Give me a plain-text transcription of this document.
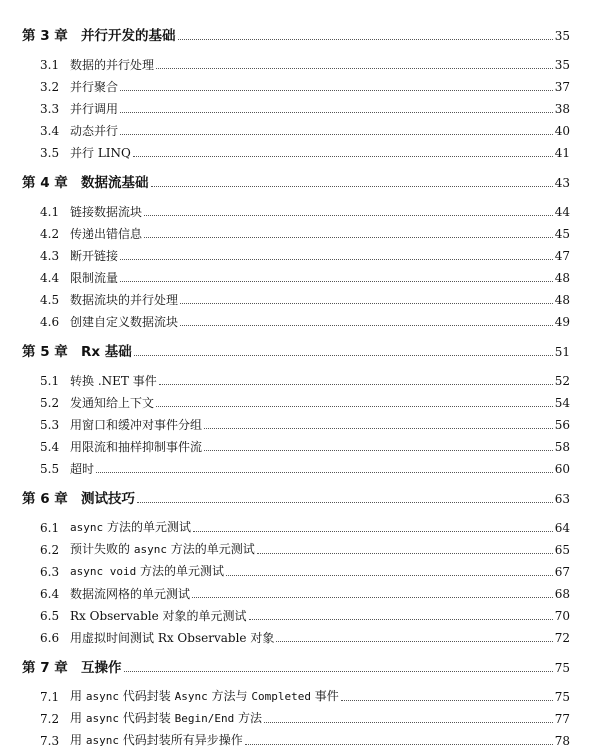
第 3 章 并行开发的基础	35
3.1 数据的并行处理	35
3.2 并行聚合	37
3.3 并行调用	38
3.4 动态并行	40
3.5 并行 LINQ	41
第 4 章 数据流基础	43
4.1 链接数据流块	44
4.2 传递出错信息	45
4.3 断开链接	47
4.4 限制流量	48
4.5 数据流块的并行处理	48
4.6 创建自定义数据流块	49
第 5 章 Rx 基础	51
5.1 转换 .NET 事件	52
5.2 发通知给上下文	54
5.3 用窗口和缓冲对事件分组	56
5.4 用限流和抽样抑制事件流	58
5.5 超时	60
第 6 章 测试技巧	63
6.1 async 方法的单元测试	64
6.2 预计失败的 async 方法的单元测试	65
6.3 async void 方法的单元测试	67
6.4 数据流网格的单元测试	68
6.5 Rx Observable 对象的单元测试	70
6.6 用虚拟时间测试 Rx Observable 对象	72
第 7 章 互操作	75
7.1 用 async 代码封装 Async 方法与 Completed 事件	75
7.2 用 async 代码封装 Begin/End 方法	77
7.3 用 async 代码封装所有异步操作	78
